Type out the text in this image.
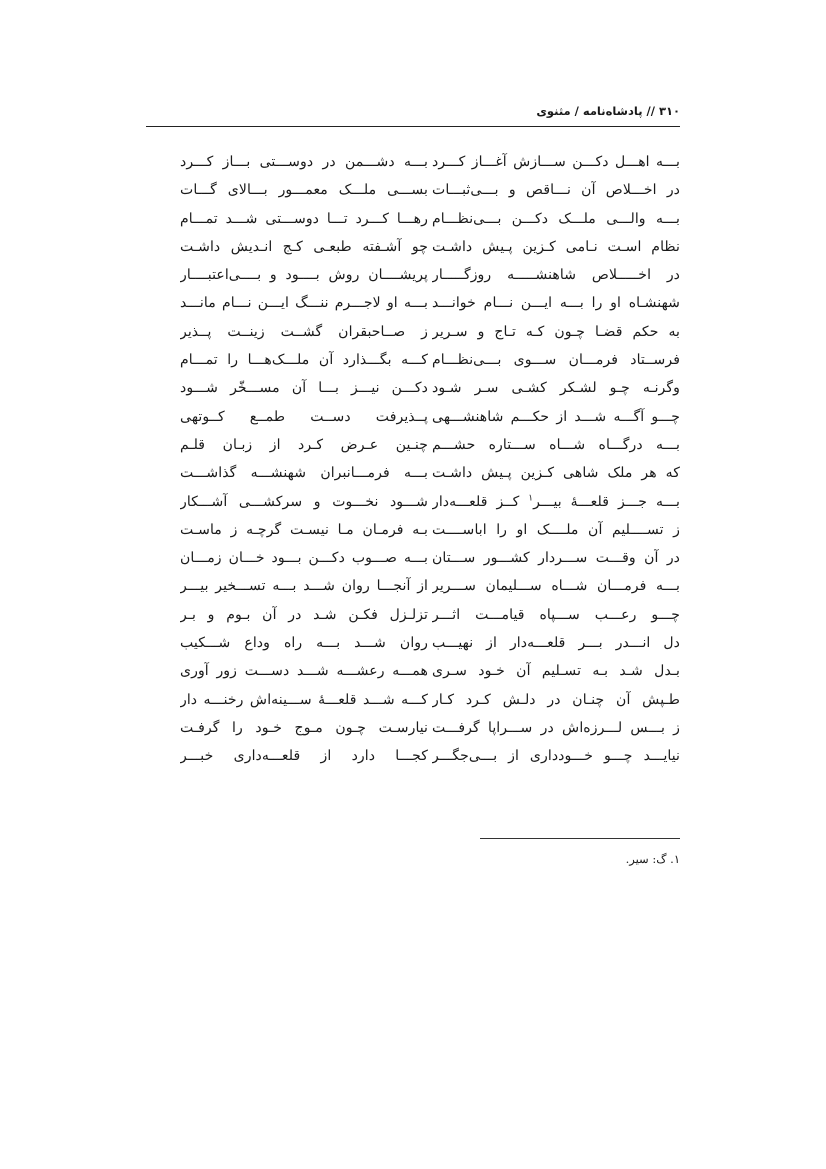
۳۱۰ // پادشاه‌نامه / مثنوی
بـــه اهـــل دکـــن ســـازش آغـــاز کـــرد
در اخـــلاص آن نـــاقص و بـــی‌ثبـــات
بـــه والـــی ملـــک دکـــن بـــی‌نظـــام
نظام اسـت نـامی کـزین پـیش داشـت
در اخـــــلاص شاهنشـــــه روزگـــــار
شهنشـاه او را بـــه ایـــن نـــام خوانـــد
به حکم قضـا چـون کـه تـاج و سـریر
فرســتاد فرمـــان ســـوی بـــی‌نظـــام
وگرنـه چـو لشـکر کشـی سـر شـود
چـــو آگـــه شـــد از حکـــم شاهنشـــهی
بـــه درگـــاه شـــاه ســـتاره حشـــم
که هر ملک شاهی کـزین پـیش داشـت
بـــه جـــز قلعـــهٔ بیـــر$^۱$ کــز قلعـــه‌دار
ز تســــلیم آن ملــــک او را اباســــت
در آن وقـــت ســـردار کشـــور ســـتان
بـــه فرمـــان شـــاه ســـلیمان ســـریر
چـــو رعـــب ســـپاه قیامـــت اثـــر
دل انـــدر بـــر قلعـــه‌دار از نهیـــب
بـدل شـد بـه تسـلیم آن خـود سـری
طـپش آن چنـان در دلـش کـرد کـار
ز بـــس لـــرزه‌اش در ســـراپا گرفـــت
نیایـــد چـــو خـــودداری از بـــی‌جگـــر
بـــه دشـــمن در دوســـتی بـــاز کـــرد
بســـی ملـــک معمـــور بـــالای گـــات
رهـــا کـــرد تـــا دوســـتی شـــد تمـــام
چو آشـفته طبعـی کـج انـدیش داشـت
پریشــــان روش بــــود و بــــی‌اعتبــــار
بـــه او لاجـــرم ننـــگ ایـــن نـــام مانـــد
ز صــاحبقران گشــت زینــت پــذیر
کـــه بگـــذارد آن ملـــک‌هـــا را تمـــام
دکـــن نیـــز بـــا آن مســـخّر شـــود
پــذیرفت دســت طمــع کــوتهی
چنـین عـرض کـرد از زبـان قلـم
بـــه فرمـــانبران شهنشـــه گذاشـــت
شـــود نخـــوت و سرکشـــی آشـــکار
بـه فرمـان مـا نیسـت گرچـه ز ماسـت
بـــه صـــوب دکـــن بـــود خـــان زمـــان
از آنجـــا روان شـــد بـــه تســـخیر بیـــر
تزلـزل فکـن شـد در آن بـوم و بـر
روان شـــد بـــه راه وداع شـــکیب
همـــه رعشـــه شـــد دســـت زور آوری
کـــه شـــد قلعـــهٔ ســـینه‌اش رخنـــه دار
نیارسـت چـون مـوج خـود را گرفـت
کجـــا دارد از قلعـــه‌داری خبـــر
۱. گ: سیر.
